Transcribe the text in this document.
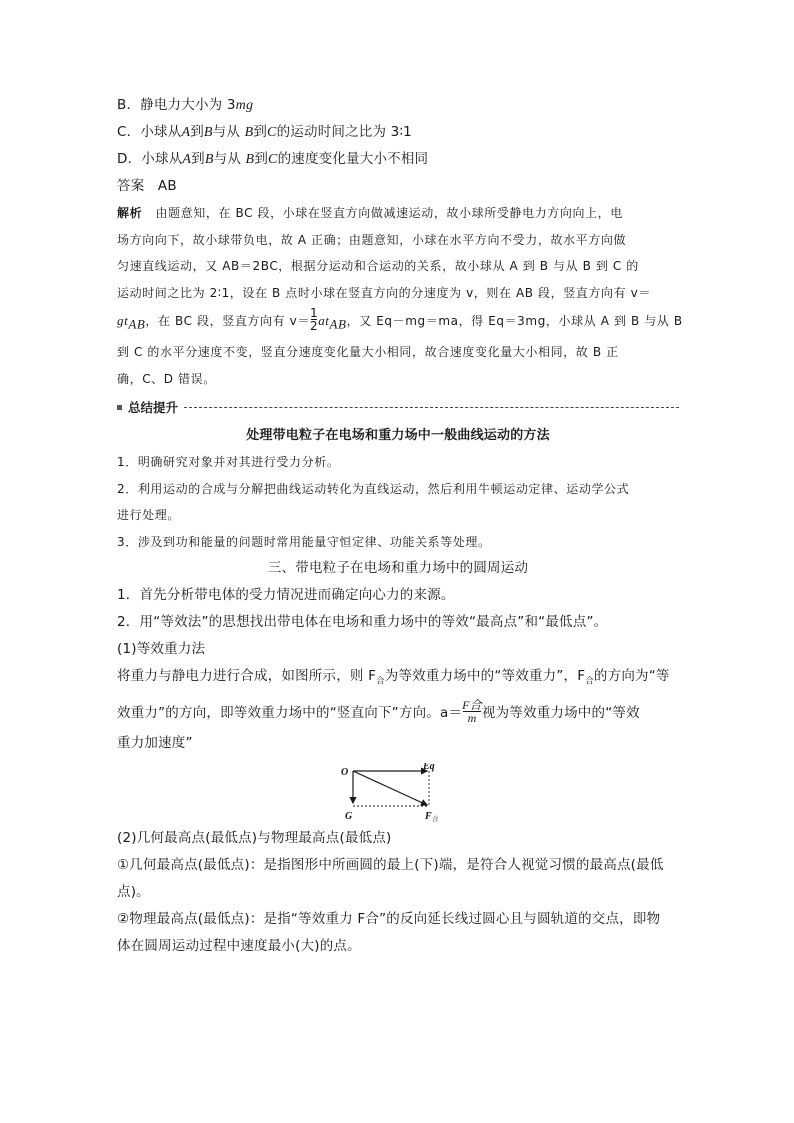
B．静电力大小为 3mg
C．小球从A到B与从 B到C的运动时间之比为 3∶1
D．小球从A到B与从 B到C的速度变化量大小不相同
答案 AB
解析 由题意知，在 BC 段，小球在竖直方向做减速运动，故小球所受静电力方向向上，电
场方向向下，故小球带负电，故 A 正确；由题意知，小球在水平方向不受力，故水平方向做
匀速直线运动，又 AB＝2BC，根据分运动和合运动的关系，故小球从 A 到 B 与从 B 到 C 的
运动时间之比为 2∶1，设在 B 点时小球在竖直方向的分速度为 v，则在 AB 段，竖直方向有 v＝
$gt_{AB}$，在 BC 段，竖直方向有 $v= \frac{1}{2} at_{AB}$，又 Eq－mg＝ma，得 Eq＝3mg，小球从 A 到 B 与从 B
到 C 的水平分速度不变，竖直分速度变化量大小相同，故合速度变化量大小相同，故 B 正
确，C、D 错误。
总结提升
处理带电粒子在电场和重力场中一般曲线运动的方法
1．明确研究对象并对其进行受力分析。
2．利用运动的合成与分解把曲线运动转化为直线运动，然后利用牛顿运动定律、运动学公式
进行处理。
3．涉及到功和能量的问题时常用能量守恒定律、功能关系等处理。
三、带电粒子在电场和重力场中的圆周运动
1．首先分析带电体的受力情况进而确定向心力的来源。
2．用“等效法”的思想找出带电体在电场和重力场中的等效“最高点”和“最低点”。
(1)等效重力法
将重力与静电力进行合成，如图所示，则 $F_合$为等效重力场中的“等效重力”，$F_合$的方向为“等
效重力”的方向，即等效重力场中的“竖直向下”方向。$a= \frac{\text{F合}}{m}$ 视为等效重力场中的“等效
重力加速度”
O
Eq
G	F 合
(2)几何最高点(最低点)与物理最高点(最低点)
①几何最高点(最低点)：是指图形中所画圆的最上(下)端，是符合人视觉习惯的最高点(最低
点)。
②物理最高点(最低点)：是指“等效重力 F合”的反向延长线过圆心且与圆轨道的交点，即物
体在圆周运动过程中速度最小(大)的点。
